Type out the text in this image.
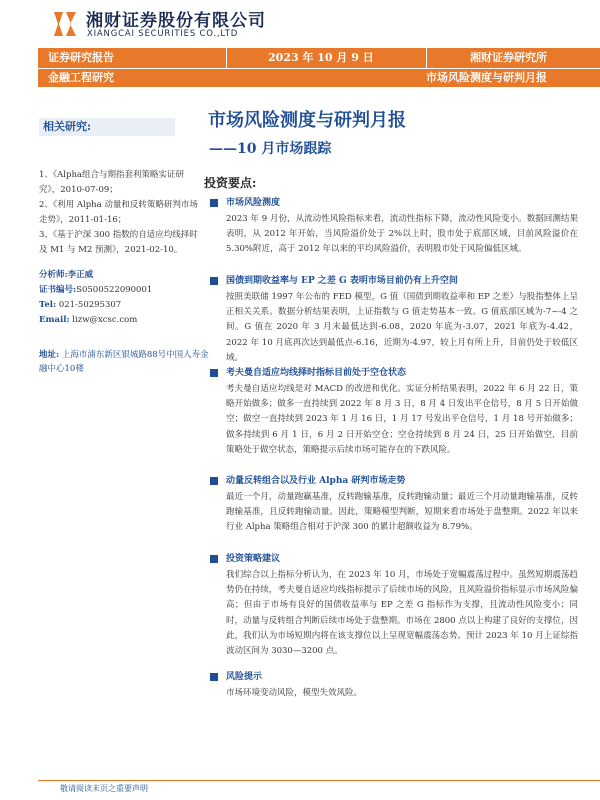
湘财证券股份有限公司
XIANGCAI SECURITIES CO.,LTD
证券研究报告	2023 年 10 月 9 日	湘财证券研究所
金融工程研究	市场风险测度与研判月报
市场风险测度与研判月报
——10 月市场跟踪
相关研究:
1、《Alpha组合与期指套利策略实证研究》，2010-07-09；
2、《利用 Alpha 动量和反转策略研判市场走势》，2011-01-16；
3、《基于沪深 300 指数的自适应均线择时及 M1 与 M2 预测》，2021-02-10。
分析师:李正威
证书编号:S0500522090001
Tel: 021-50295307
Email: lizw@xcsc.com
地址: 上海市浦东新区银城路88号中国人寿金融中心10楼
投资要点:
市场风险测度
2023 年 9 月份，从流动性风险指标来看，流动性指标下降，流动性风险变小。数据回测结果表明，从 2012 年开始，当风险溢价处于 2%以上时，股市处于底部区域，目前风险溢价在 5.30%附近，高于 2012 年以来的平均风险溢价，表明股市处于风险偏低区域。
国债到期收益率与 EP 之差 G 表明市场目前仍有上升空间
按照美联储 1997 年公布的 FED 模型，G 值（国债到期收益率和 EP 之差）与股指整体上呈正相关关系。数据分析结果表明，上证指数与 G 值走势基本一致。G 值底部区域为-7~-4 之间。G 值在 2020 年 3 月末最低达到-6.08，2020 年底为-3.07，2021 年底为-4.42，2022 年 10 月底再次达到最低点-6.16，近期为-4.97，较上月有所上升，目前仍处于较低区域。
考夫曼自适应均线择时指标目前处于空仓状态
考夫曼自适应均线是对 MACD 的改进和优化。实证分析结果表明，2022 年 6 月 22 日，策略开始做多；做多一直持续到 2022 年 8 月 3 日，8 月 4 日发出平仓信号，8 月 5 日开始做空；做空一直持续到 2023 年 1 月 16 日，1 月 17 号发出平仓信号，1 月 18 号开始做多；做多持续到 6 月 1 日，6 月 2 日开始空仓；空仓持续到 8 月 24 日，25 日开始做空，目前策略处于做空状态，策略提示后续市场可能存在的下跌风险。
动量反转组合以及行业 Alpha 研判市场走势
最近一个月，动量跑赢基准，反转跑输基准，反转跑输动量；最近三个月动量跑输基准，反转跑输基准，且反转跑输动量。因此，策略模型判断，短期来看市场处于盘整期。2022 年以来行业 Alpha 策略组合相对于沪深 300 的累计超额收益为 8.79%。
投资策略建议
我们综合以上指标分析认为，在 2023 年 10 月，市场处于宽幅震荡过程中。虽然短期震荡趋势仍在持续，考夫曼自适应均线指标提示了后续市场的风险，且风险溢价指标显示市场风险偏高；但由于市场有良好的国债收益率与 EP 之差 G 指标作为支撑，且流动性风险变小；同时，动量与反转组合判断后续市场处于盘整期。市场在 2800 点以上构建了良好的支撑位，因此，我们认为市场短期内将在该支撑位以上呈现宽幅震荡态势。预计 2023 年 10 月上证综指波动区间为 3030—3200 点。
风险提示
市场环境变动风险，模型失效风险。
敬请阅读末页之重要声明
